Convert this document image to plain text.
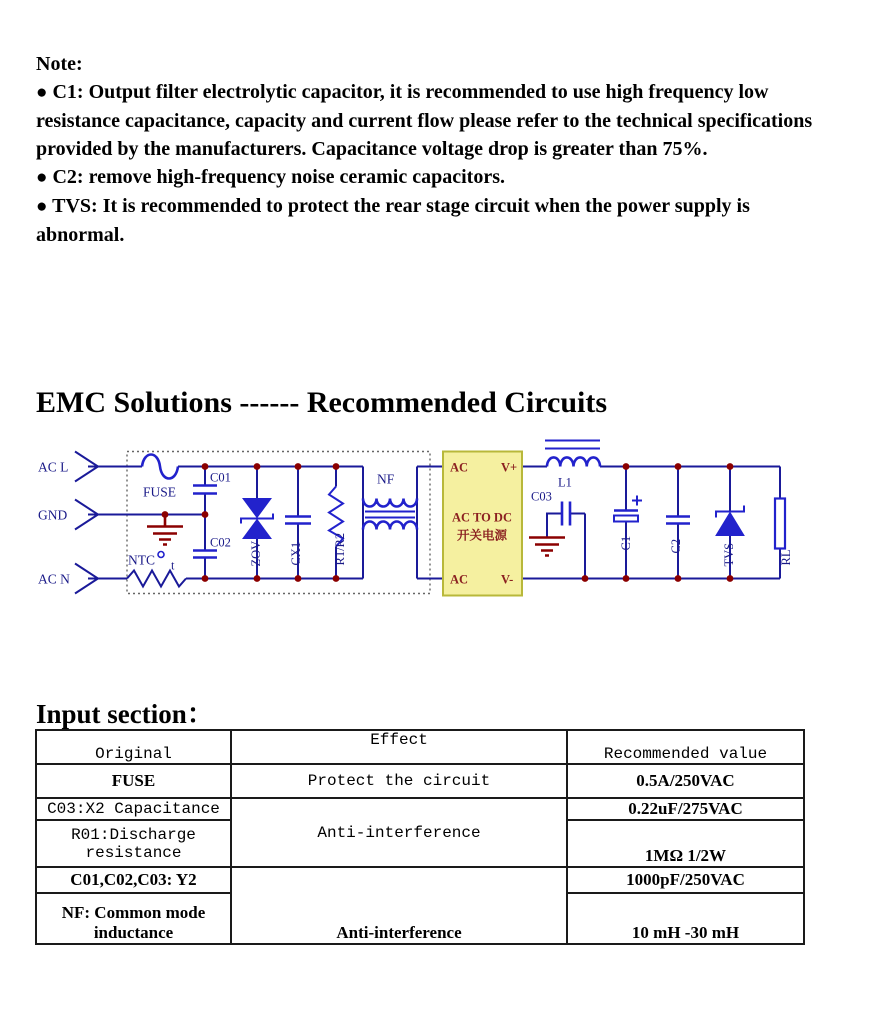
Note:

● C1: Output filter electrolytic capacitor, it is recommended to use high frequency low resistance capacitance, capacity and current flow please refer to the technical specifications provided by the manufacturers. Capacitance voltage drop is greater than 75%.

● C2: remove high-frequency noise ceramic capacitors.

● TVS: It is recommended to protect the rear stage circuit when the power supply is abnormal.

EMC Solutions ------ Recommended Circuits
AC L
GND
AC N
FUSE
C01
C02
NTC t	ZOV CX1 R1/R2
NF
AC	V+
AC TO DC
开关电源
AC	V-
L1
C03
C1	C2	TVS	RL
Input section：
Original	Effect	Recommended value
FUSE	Protect the circuit	0.5A/250VAC
C03:X2 Capacitance	Anti-interference	0.22uF/275VAC
R01:Discharge resistance		1MΩ 1/2W
C01,C02,C03: Y2	Anti-interference	1000pF/250VAC
NF: Common mode inductance		10 mH -30 mH
